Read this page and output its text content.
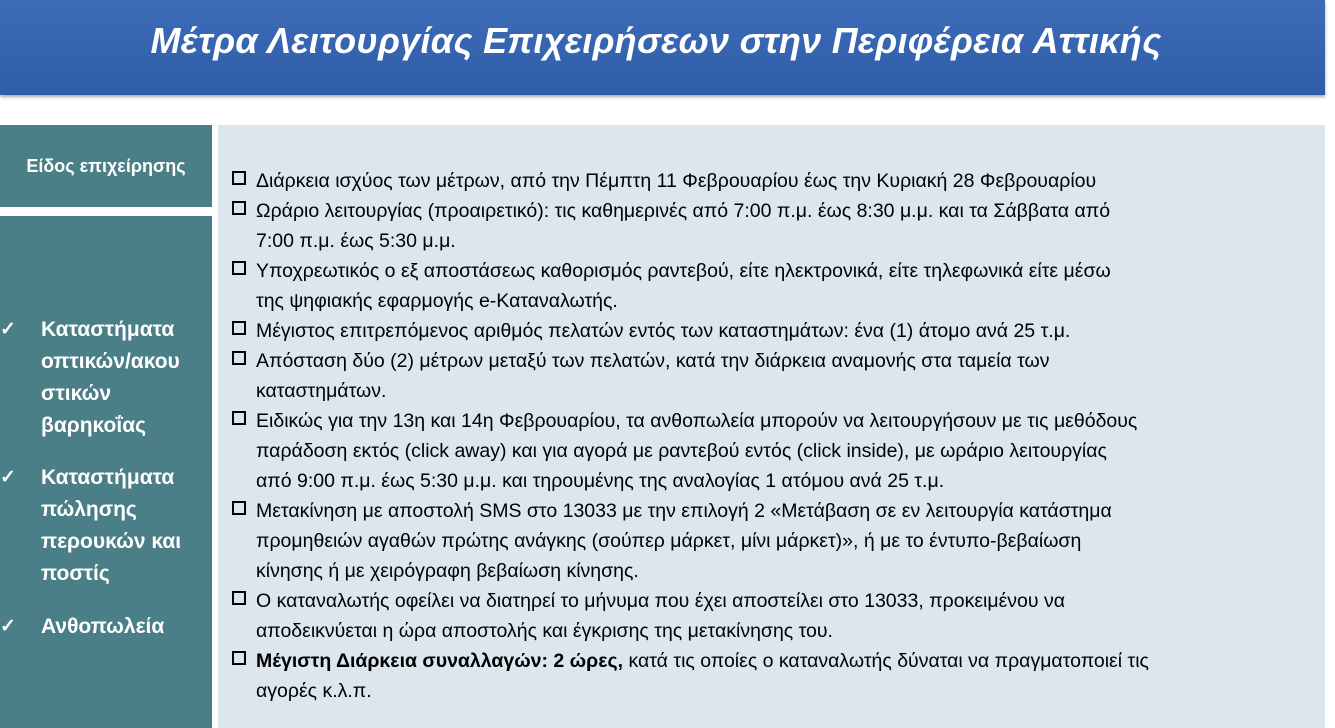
Μέτρα Λειτουργίας Επιχειρήσεων στην Περιφέρεια Αττικής
Είδος επιχείρησης
✓ Καταστήματα
οπτικών/ακου
στικών
βαρηκοΐας
✓ Καταστήματα
πώλησης
περουκών και
ποστίς
✓ Ανθοπωλεία
Διάρκεια ισχύος των μέτρων, από την Πέμπτη 11 Φεβρουαρίου έως την Κυριακή 28 Φεβρουαρίου
Ωράριο λειτουργίας (προαιρετικό): τις καθημερινές από 7:00 π.μ. έως 8:30 μ.μ. και τα Σάββατα από
7:00 π.μ. έως 5:30 μ.μ.
Υποχρεωτικός ο εξ αποστάσεως καθορισμός ραντεβού, είτε ηλεκτρονικά, είτε τηλεφωνικά είτε μέσω
της ψηφιακής εφαρμογής e-Καταναλωτής.
Μέγιστος επιτρεπόμενος αριθμός πελατών εντός των καταστημάτων: ένα (1) άτομο ανά 25 τ.μ.
Απόσταση δύο (2) μέτρων μεταξύ των πελατών, κατά την διάρκεια αναμονής στα ταμεία των
καταστημάτων.
Ειδικώς για την 13η και 14η Φεβρουαρίου, τα ανθοπωλεία μπορούν να λειτουργήσουν με τις μεθόδους
παράδοση εκτός (click away) και για αγορά με ραντεβού εντός (click inside), με ωράριο λειτουργίας
από 9:00 π.μ. έως 5:30 μ.μ. και τηρουμένης της αναλογίας 1 ατόμου ανά 25 τ.μ.
Μετακίνηση με αποστολή SMS στο 13033 με την επιλογή 2 «Μετάβαση σε εν λειτουργία κατάστημα
προμηθειών αγαθών πρώτης ανάγκης (σούπερ μάρκετ, μίνι μάρκετ)», ή με το έντυπο-βεβαίωση
κίνησης ή με χειρόγραφη βεβαίωση κίνησης.
Ο καταναλωτής οφείλει να διατηρεί το μήνυμα που έχει αποστείλει στο 13033, προκειμένου να
αποδεικνύεται η ώρα αποστολής και έγκρισης της μετακίνησης του.
Μέγιστη Διάρκεια συναλλαγών: 2 ώρες, κατά τις οποίες ο καταναλωτής δύναται να πραγματοποιεί τις
αγορές κ.λ.π.
